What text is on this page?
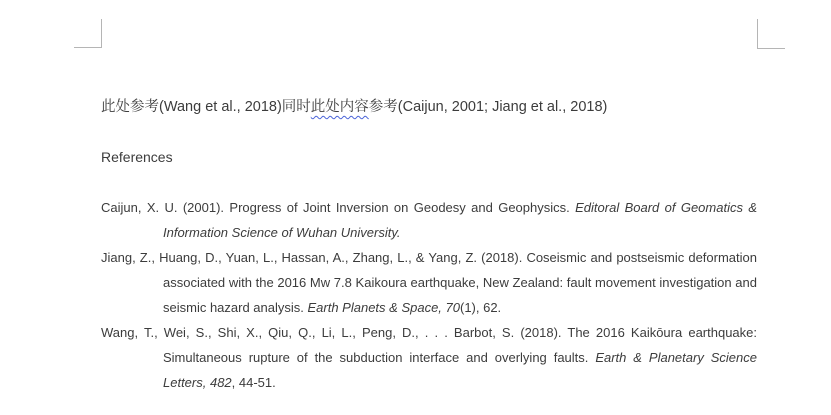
此处参考(Wang et al., 2018)同时此处内容参考(Caijun, 2001; Jiang et al., 2018)

References

Caijun, X. U. (2001). Progress of Joint Inversion on Geodesy and Geophysics. Editoral Board of Geomatics & Information Science of Wuhan University.

Jiang, Z., Huang, D., Yuan, L., Hassan, A., Zhang, L., & Yang, Z. (2018). Coseismic and postseismic deformation associated with the 2016 Mw 7.8 Kaikoura earthquake, New Zealand: fault movement investigation and seismic hazard analysis. Earth Planets & Space, 70(1), 62.

Wang, T., Wei, S., Shi, X., Qiu, Q., Li, L., Peng, D., . . . Barbot, S. (2018). The 2016 Kaikōura earthquake: Simultaneous rupture of the subduction interface and overlying faults. Earth & Planetary Science Letters, 482, 44-51.
